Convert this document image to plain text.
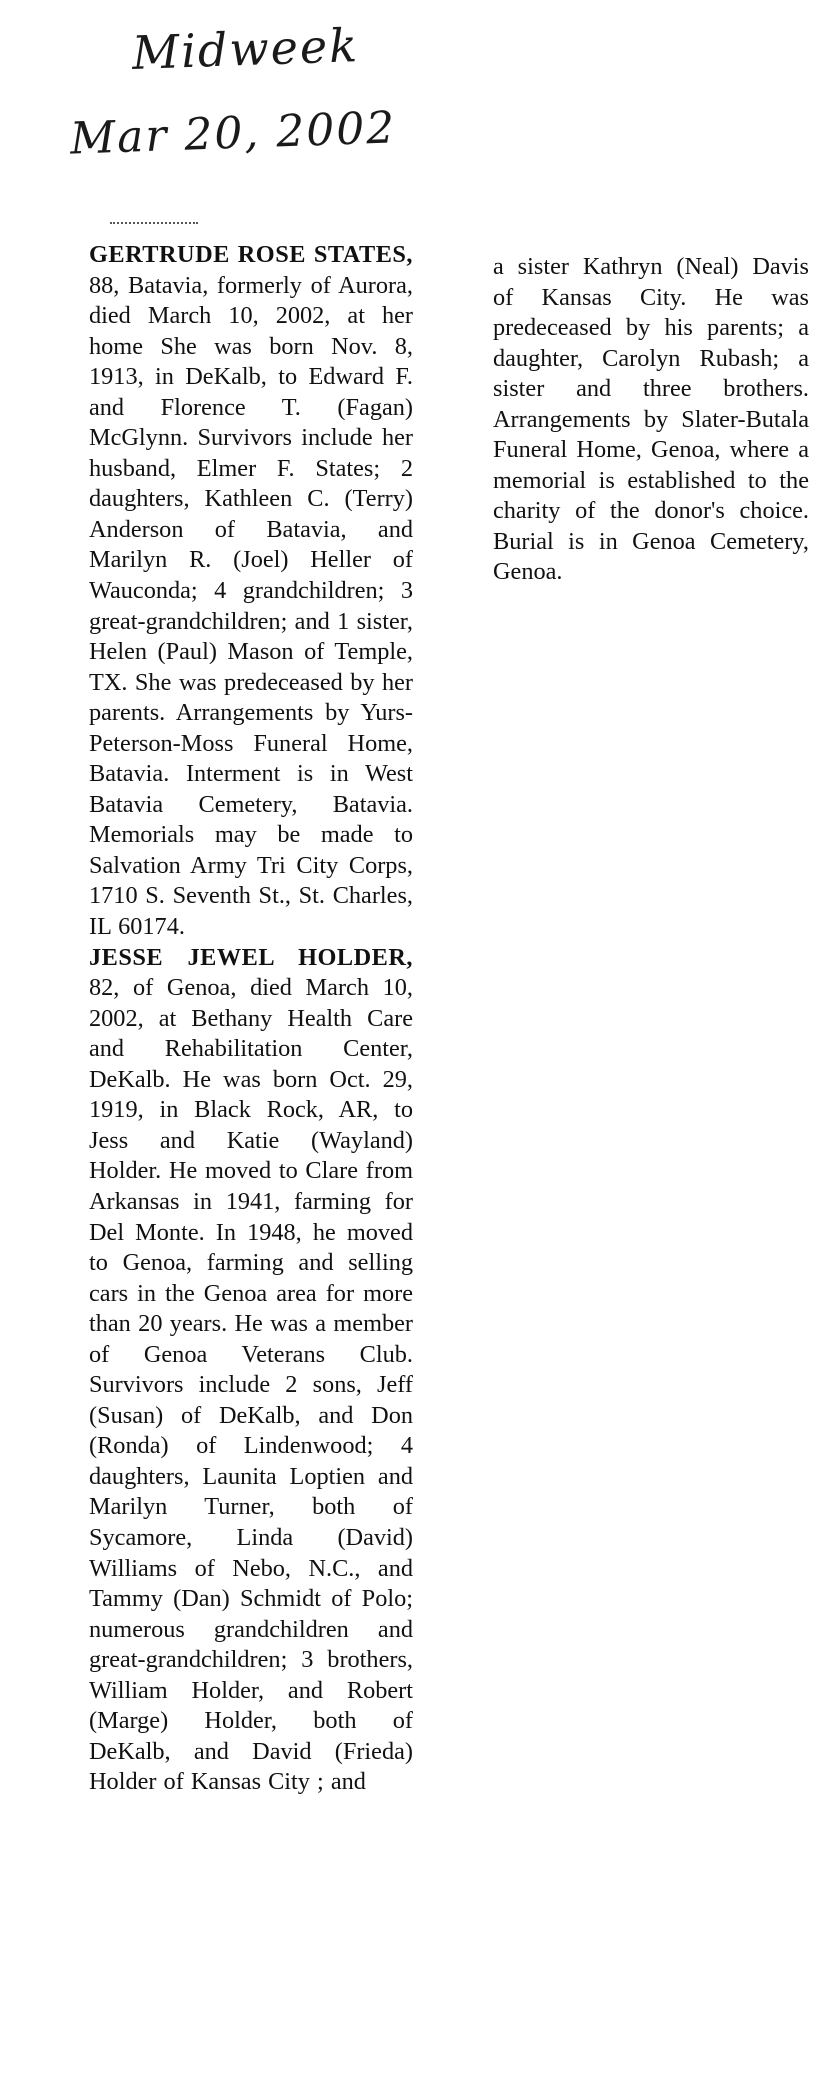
Midweek
Mar 20, 2002

GERTRUDE ROSE STATES, 88, Batavia, formerly of Aurora, died March 10, 2002, at her home She was born Nov. 8, 1913, in DeKalb, to Edward F. and Florence T. (Fagan) McGlynn. Survivors include her husband, Elmer F. States; 2 daughters, Kathleen C. (Terry) Anderson of Batavia, and Marilyn R. (Joel) Heller of Wauconda; 4 grandchildren; 3 great-grandchildren; and 1 sister, Helen (Paul) Mason of Temple, TX. She was predeceased by her parents. Arrangements by Yurs-Peterson-Moss Funeral Home, Batavia. Interment is in West Batavia Cemetery, Batavia. Memorials may be made to Salvation Army Tri City Corps, 1710 S. Seventh St., St. Charles, IL 60174.

JESSE JEWEL HOLDER, 82, of Genoa, died March 10, 2002, at Bethany Health Care and Rehabilitation Center, DeKalb. He was born Oct. 29, 1919, in Black Rock, AR, to Jess and Katie (Wayland) Holder. He moved to Clare from Arkansas in 1941, farming for Del Monte. In 1948, he moved to Genoa, farming and selling cars in the Genoa area for more than 20 years. He was a member of Genoa Veterans Club. Survivors include 2 sons, Jeff (Susan) of DeKalb, and Don (Ronda) of Lindenwood; 4 daughters, Launita Loptien and Marilyn Turner, both of Sycamore, Linda (David) Williams of Nebo, N.C., and Tammy (Dan) Schmidt of Polo; numerous grandchildren and great-grandchildren; 3 brothers, William Holder, and Robert (Marge) Holder, both of DeKalb, and David (Frieda) Holder of Kansas City ; and

a sister Kathryn (Neal) Davis of Kansas City. He was predeceased by his parents; a daughter, Carolyn Rubash; a sister and three brothers. Arrangements by Slater-Butala Funeral Home, Genoa, where a memorial is established to the charity of the donor's choice. Burial is in Genoa Cemetery, Genoa.
